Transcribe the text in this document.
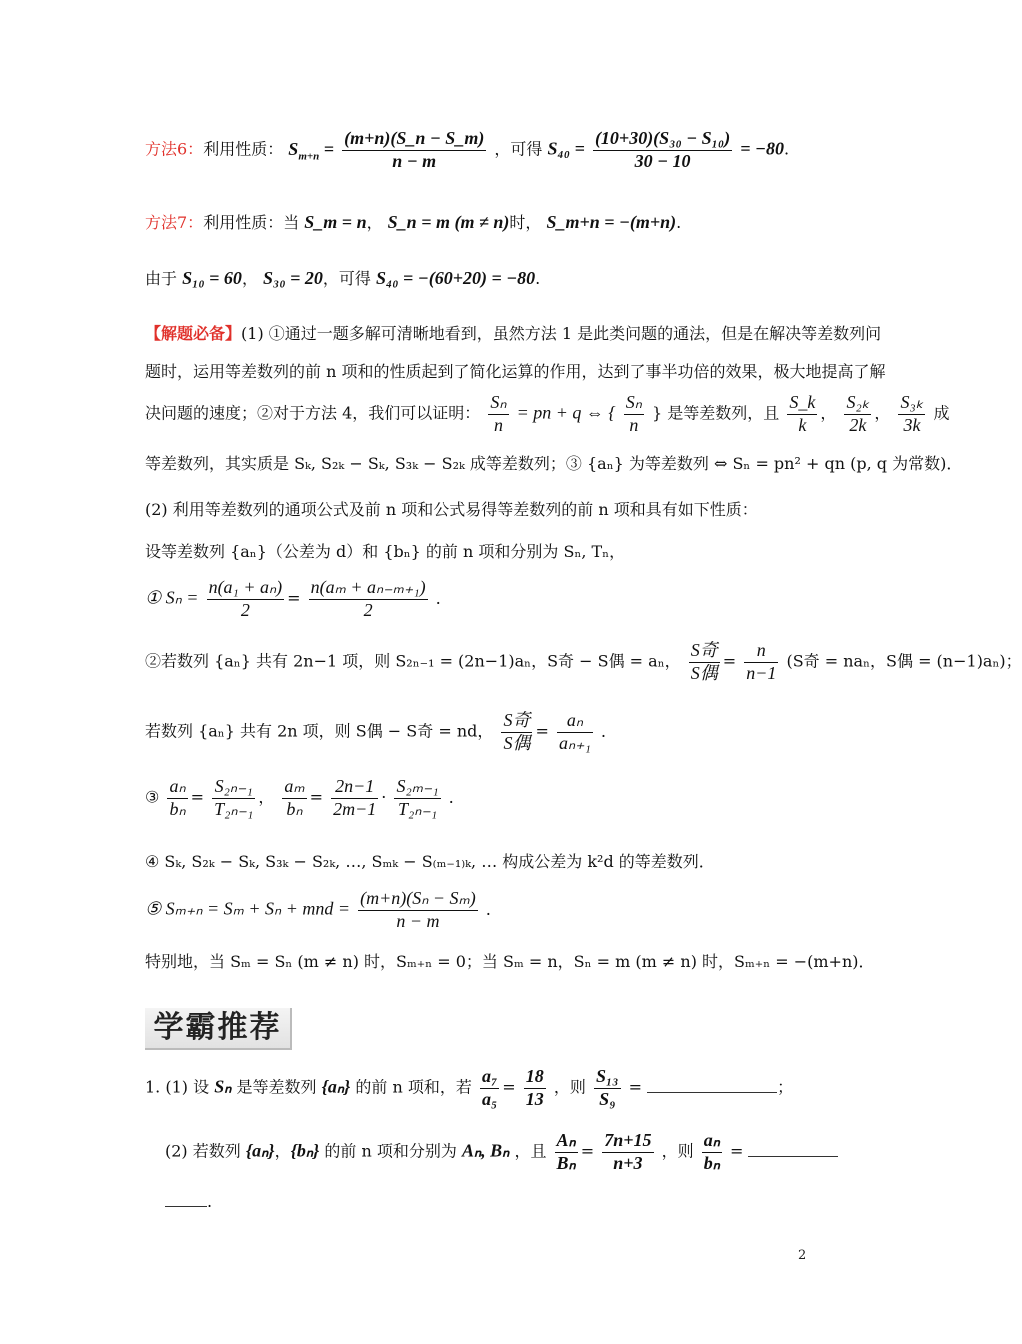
方法6：利用性质： $S_{m+n} = \frac{(m+n)(S\_n - S\_m)}{n - m}$ ，可得 $S_{40} = \frac{\text{(10+30)(S₃₀ − S₁₀)}}{30 - 10} = -80$.
方法7：利用性质：当 S_m = n， S_n = m (m ≠ n)时， S_m+n = −(m+n).
由于 S₁₀ = 60， S₃₀ = 20，可得 S₄₀ = −(60+20) = −80.
【解题必备】(1) ①通过一题多解可清晰地看到，虽然方法 1 是此类问题的通法，但是在解决等差数列问
题时，运用等差数列的前 n 项和的性质起到了简化运算的作用，达到了事半功倍的效果，极大地提高了解
决问题的速度；②对于方法 4，我们可以证明： $\frac{\text{Sₙ}}{n}$ = pn + q ⇔ { $\frac{\text{Sₙ}}{n}$ } 是等差数列，且 $\frac{S\_k}{k}$ ， $\frac{\text{S₂ₖ}}{2k}$ ， $\frac{\text{S₃ₖ}}{3k}$ 成
等差数列，其实质是 Sₖ, S₂ₖ − Sₖ, S₃ₖ − S₂ₖ 成等差数列；③ {aₙ} 为等差数列 ⇔ Sₙ = pn² + qn (p, q 为常数)．
(2) 利用等差数列的通项公式及前 n 项和公式易得等差数列的前 n 项和具有如下性质：
设等差数列 {aₙ}（公差为 d）和 {bₙ} 的前 n 项和分别为 Sₙ, Tₙ，
① $S_n = \frac{\text{n(a₁ + aₙ)}}{2} = \frac{\text{n(aₘ + aₙ₋ₘ₊₁)}}{2}$ ．
②若数列 {aₙ} 共有 2n−1 项，则 S₂ₙ₋₁ = (2n−1)aₙ，S奇 − S偶 = aₙ， $\frac{\text{S奇}}{\text{S偶}} = \frac{n}{n-1} (S$奇 = naₙ，S偶 = (n−1)aₙ)；
若数列 {aₙ} 共有 2n 项，则 S偶 − S奇 = nd， $\frac{\text{S奇}}{\text{S偶}} = \frac{\text{aₙ}}{\text{aₙ₊₁}}$ ．
③ $\frac{\text{aₙ}}{\text{bₙ}} = \frac{\text{S₂ₙ₋₁}}{\text{T₂ₙ₋₁}}$ ， $\frac{\text{aₘ}}{\text{bₙ}} = \frac{2n-1}{2m-1} \cdot \frac{\text{S₂ₘ₋₁}}{\text{T₂ₙ₋₁}}$ ．
④ Sₖ, S₂ₖ − Sₖ, S₃ₖ − S₂ₖ, …, Sₘₖ − S₍ₘ₋₁₎ₖ, … 构成公差为 k²d 的等差数列．
⑤ Sₘ₊ₙ = Sₘ + Sₙ + mnd = $\frac{\text{(m+n)(Sₙ − Sₘ)}}{n - m}$ ．
特别地，当 Sₘ = Sₙ (m ≠ n) 时，Sₘ₊ₙ = 0；当 Sₘ = n，Sₙ = m (m ≠ n) 时，Sₘ₊ₙ = −(m+n)．
学霸推荐
1. (1) 设 Sₙ 是等差数列 {aₙ} 的前 n 项和，若 $\frac{\text{a₇}}{\text{a₅}} = \frac{18}{13}$ ，则 $\frac{\text{S₁₃}}{\text{S₉}}$ =	；
(2) 若数列 {aₙ}，{bₙ} 的前 n 项和分别为 Aₙ, Bₙ ，且 $\frac{\text{Aₙ}}{\text{Bₙ}} = \frac{7n+15}{n+3}$ ，则 $\frac{\text{aₙ}}{\text{bₙ}}$ =
.
2
